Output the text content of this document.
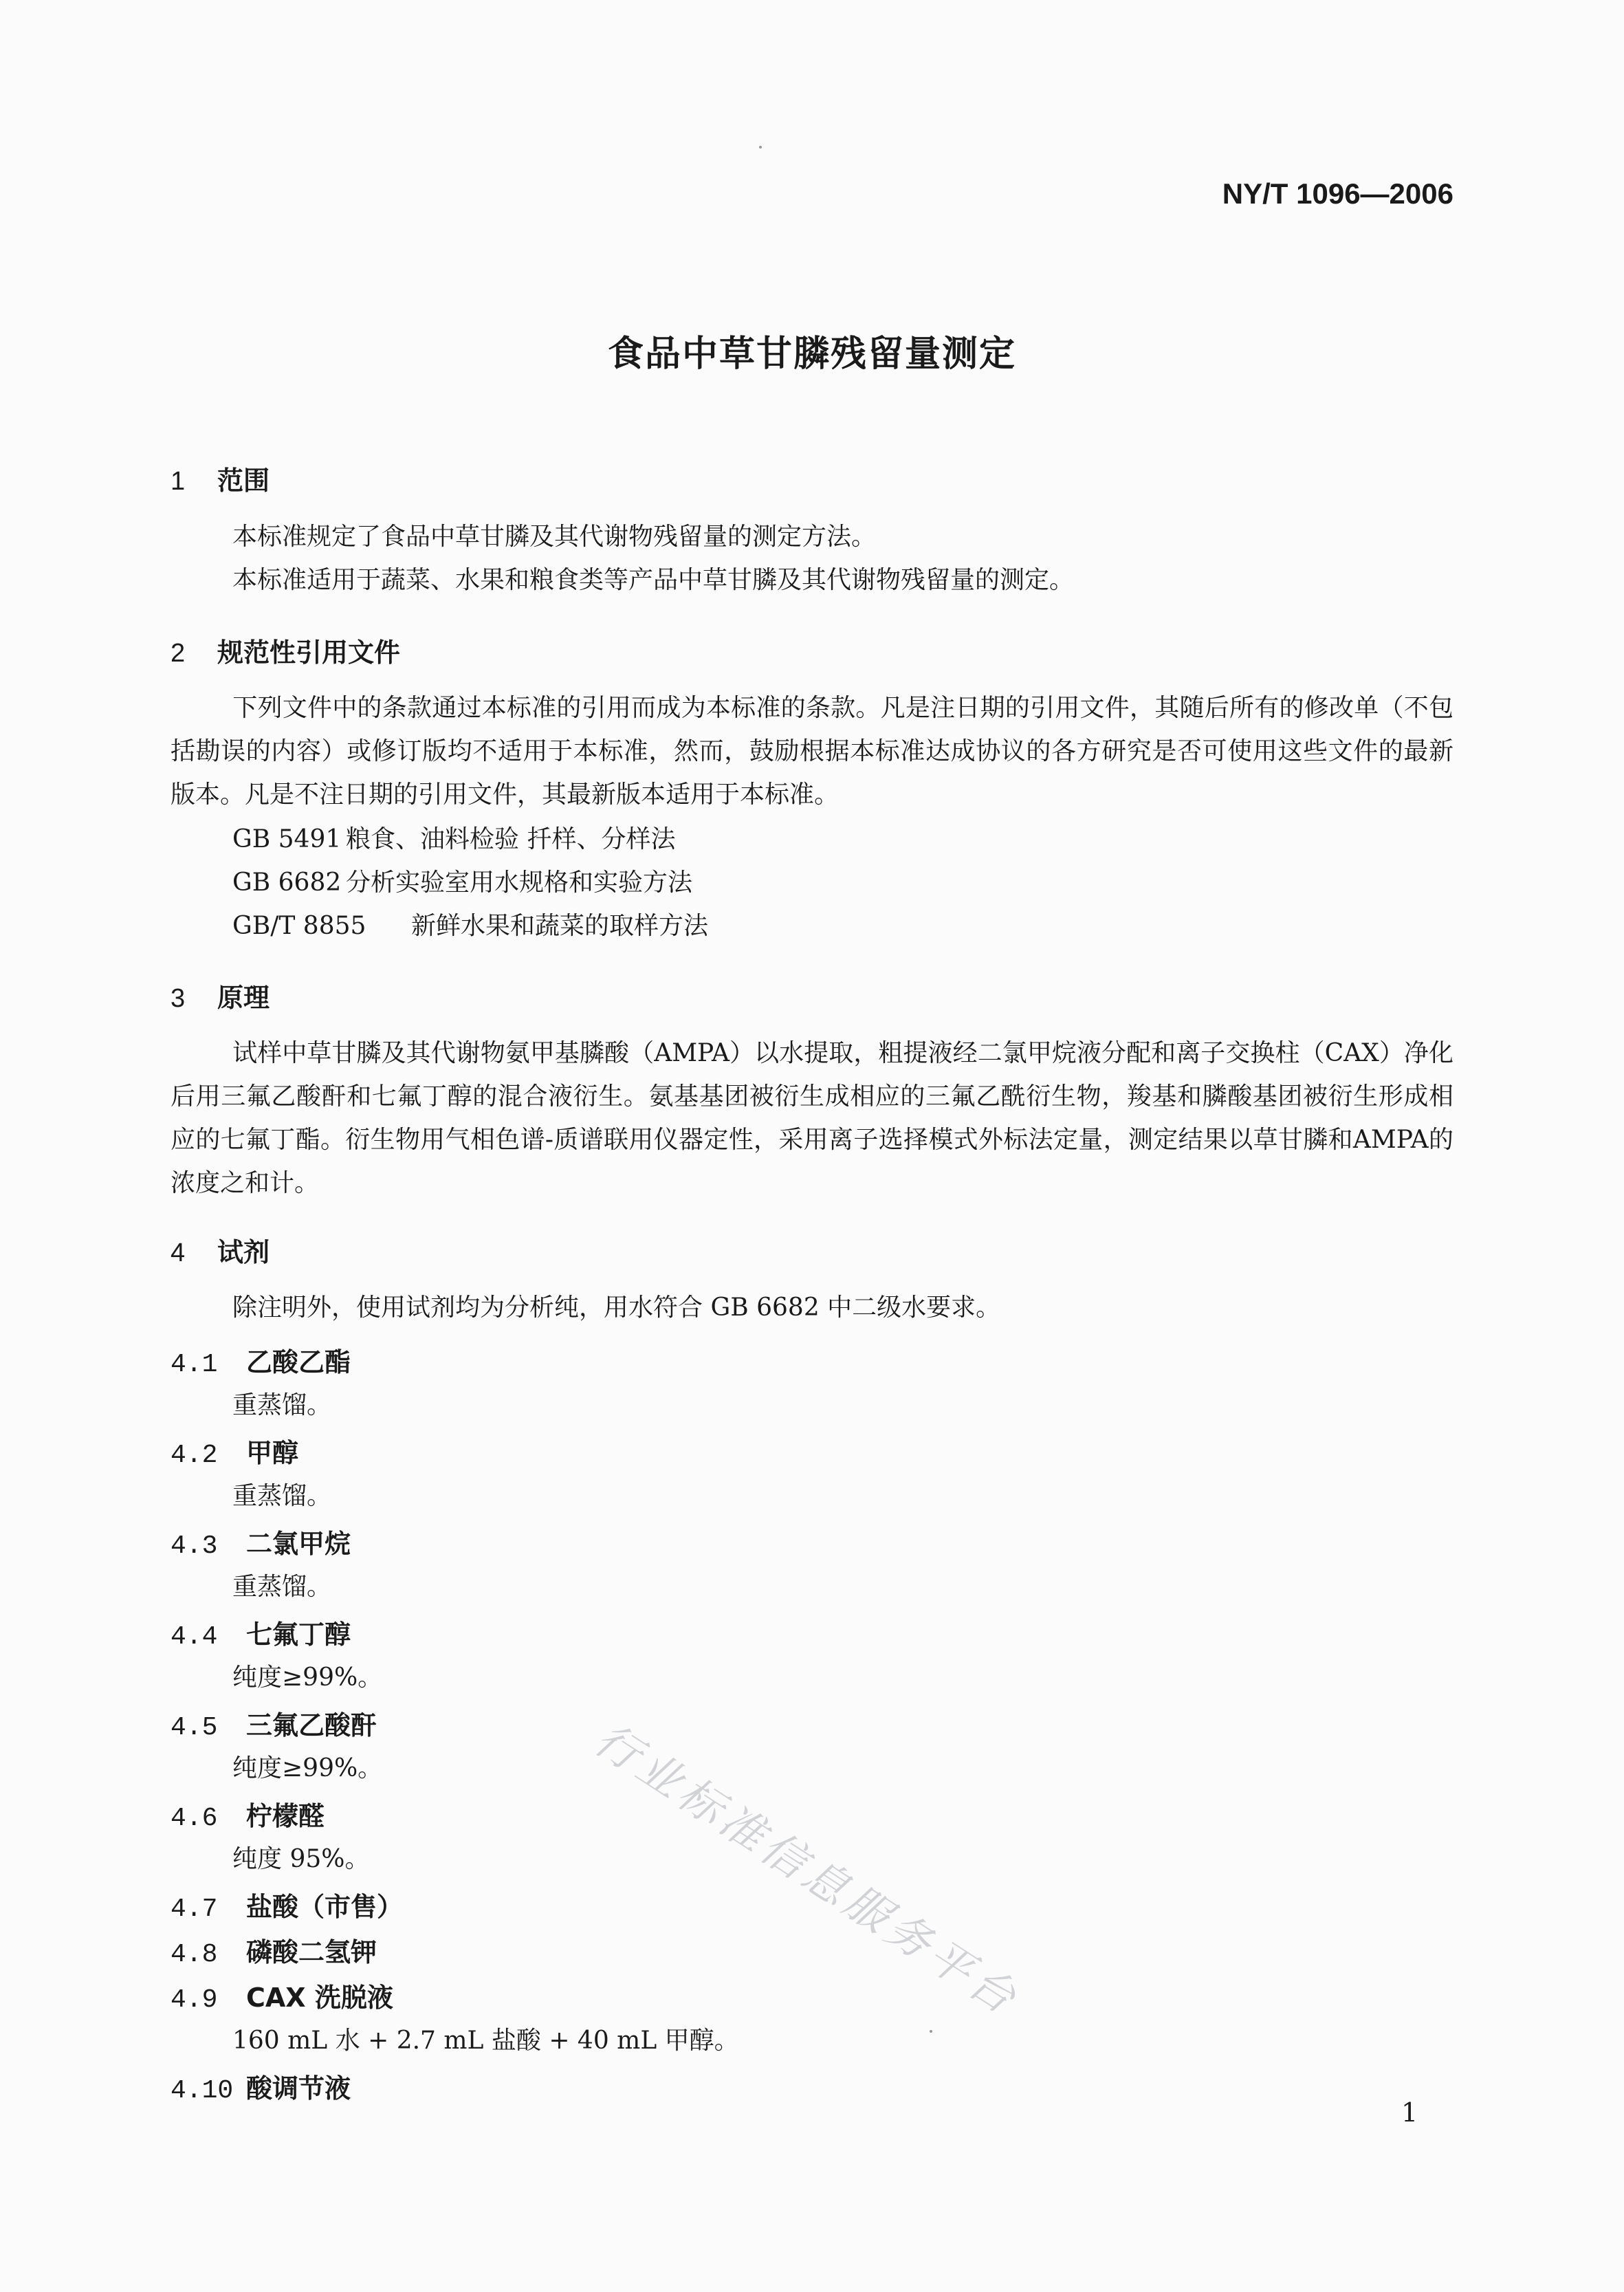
NY/T 1096—2006
食品中草甘膦残留量测定
1 范围
本标准规定了食品中草甘膦及其代谢物残留量的测定方法。
本标准适用于蔬菜、水果和粮食类等产品中草甘膦及其代谢物残留量的测定。
2 规范性引用文件
下列文件中的条款通过本标准的引用而成为本标准的条款。凡是注日期的引用文件，其随后所有的修改单（不包括勘误的内容）或修订版均不适用于本标准，然而，鼓励根据本标准达成协议的各方研究是否可使用这些文件的最新版本。凡是不注日期的引用文件，其最新版本适用于本标准。
GB 5491 粮食、油料检验 扦样、分样法
GB 6682 分析实验室用水规格和实验方法
GB/T 8855 新鲜水果和蔬菜的取样方法
3 原理
试样中草甘膦及其代谢物氨甲基膦酸（AMPA）以水提取，粗提液经二氯甲烷液分配和离子交换柱（CAX）净化后用三氟乙酸酐和七氟丁醇的混合液衍生。氨基基团被衍生成相应的三氟乙酰衍生物，羧基和膦酸基团被衍生形成相应的七氟丁酯。衍生物用气相色谱-质谱联用仪器定性，采用离子选择模式外标法定量，测定结果以草甘膦和AMPA的浓度之和计。
4 试剂
除注明外，使用试剂均为分析纯，用水符合 GB 6682 中二级水要求。
4.1 乙酸乙酯
重蒸馏。
4.2 甲醇
重蒸馏。
4.3 二氯甲烷
重蒸馏。
4.4 七氟丁醇
纯度≥99%。
4.5 三氟乙酸酐
纯度≥99%。
4.6 柠檬醛
纯度 95%。
4.7 盐酸（市售）
4.8 磷酸二氢钾
4.9 CAX 洗脱液
160 mL 水 + 2.7 mL 盐酸 + 40 mL 甲醇。
4.10 酸调节液
行业标准信息服务平台
1
